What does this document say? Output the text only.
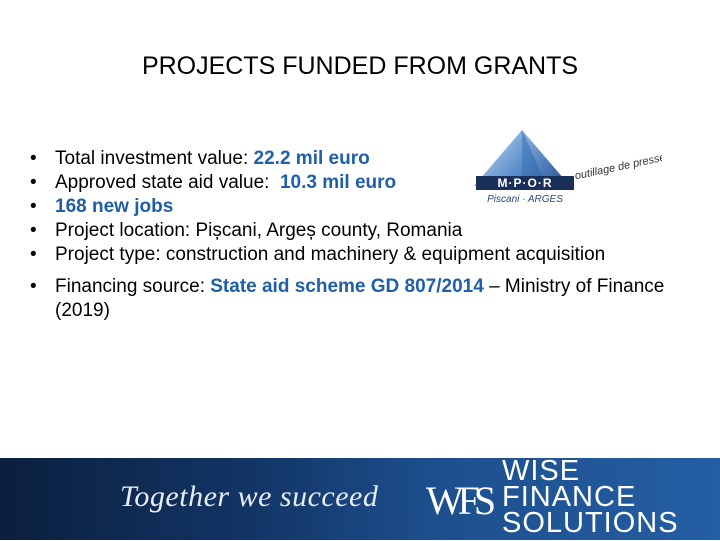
PROJECTS FUNDED FROM GRANTS
• Total investment value: 22.2 mil euro
• Approved state aid value:  10.3 mil euro
• 168 new jobs
• Project location: Pișcani, Argeș county, Romania
• Project type: construction and machinery & equipment acquisition
• Financing source: State aid scheme GD 807/2014 – Ministry of Finance (2019)
M·P·O·R
Piscani · ARGES
outillage de presse
Together we succeed WFS
WISE
FINANCE
SOLUTIONS
